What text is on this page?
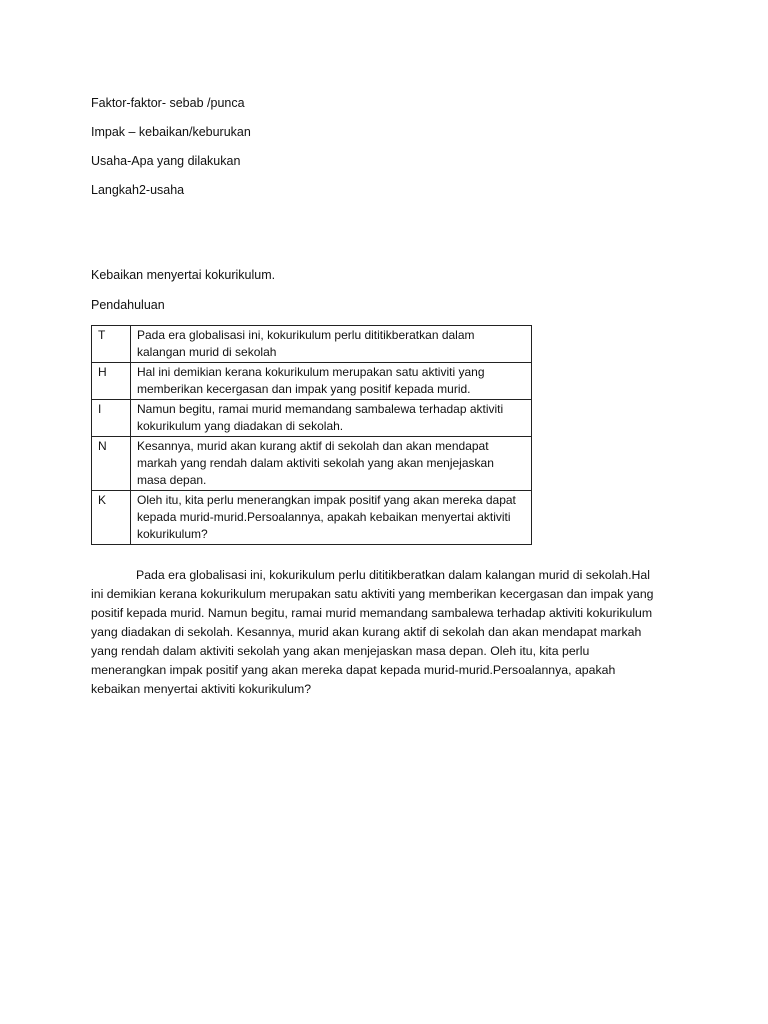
Faktor-faktor- sebab /punca
Impak – kebaikan/keburukan
Usaha-Apa yang dilakukan
Langkah2-usaha
Kebaikan menyertai kokurikulum.
Pendahuluan
T	Pada era globalisasi ini, kokurikulum perlu dititikberatkan dalam kalangan murid di sekolah
H	Hal ini demikian kerana kokurikulum merupakan satu aktiviti yang memberikan kecergasan dan impak yang positif kepada murid.
I	Namun begitu, ramai murid memandang sambalewa terhadap aktiviti kokurikulum yang diadakan di sekolah.
N	Kesannya, murid akan kurang aktif di sekolah dan akan mendapat markah yang rendah dalam aktiviti sekolah yang akan menjejaskan masa depan.
K	Oleh itu, kita perlu menerangkan impak positif yang akan mereka dapat kepada murid-murid.Persoalannya, apakah kebaikan menyertai aktiviti kokurikulum?

Pada era globalisasi ini, kokurikulum perlu dititikberatkan dalam kalangan murid di sekolah.Hal ini demikian kerana kokurikulum merupakan satu aktiviti yang memberikan kecergasan dan impak yang positif kepada murid. Namun begitu, ramai murid memandang sambalewa terhadap aktiviti kokurikulum yang diadakan di sekolah. Kesannya, murid akan kurang aktif di sekolah dan akan mendapat markah yang rendah dalam aktiviti sekolah yang akan menjejaskan masa depan. Oleh itu, kita perlu menerangkan impak positif yang akan mereka dapat kepada murid-murid.Persoalannya, apakah kebaikan menyertai aktiviti kokurikulum?
